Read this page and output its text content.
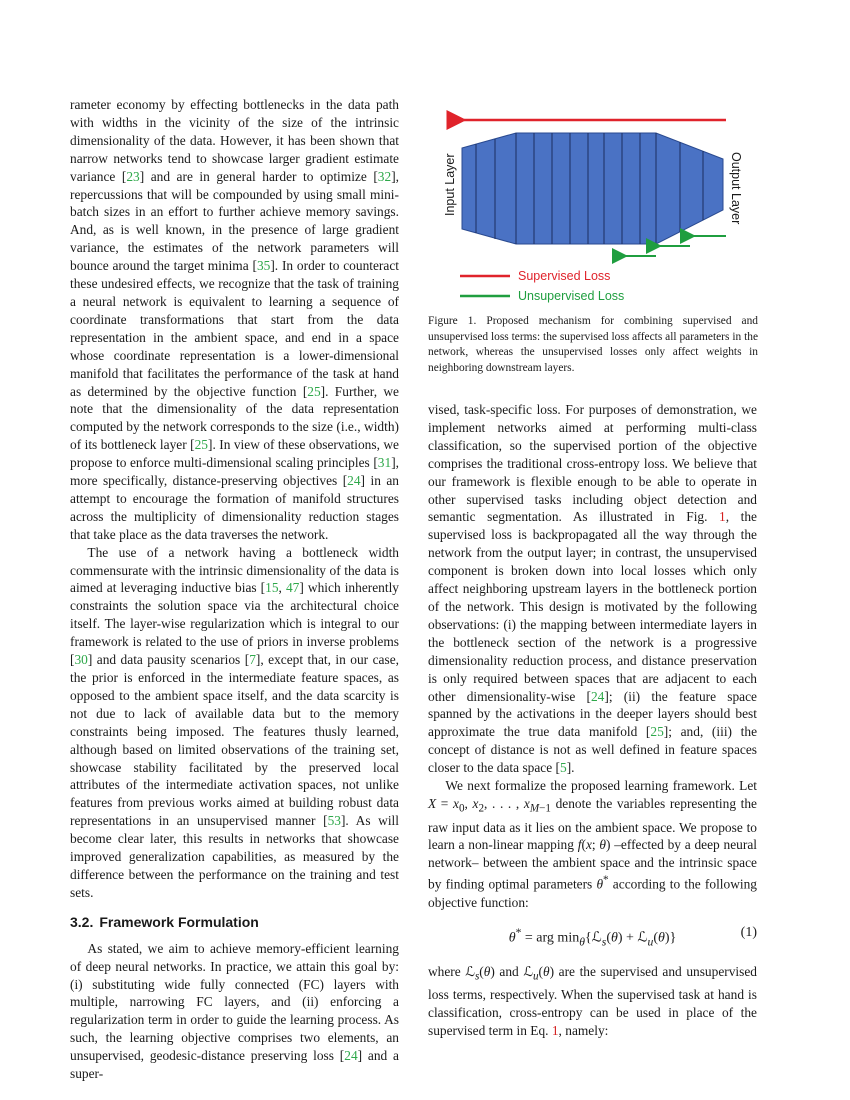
rameter economy by effecting bottlenecks in the data path with widths in the vicinity of the size of the intrinsic dimensionality of the data. However, it has been shown that narrow networks tend to showcase larger gradient estimate variance [23] and are in general harder to optimize [32], repercussions that will be compounded by using small mini-batch sizes in an effort to further achieve memory savings. And, as is well known, in the presence of large gradient variance, the estimates of the network parameters will bounce around the target minima [35]. In order to counteract these undesired effects, we recognize that the task of training a neural network is equivalent to learning a sequence of coordinate transformations that start from the data representation in the ambient space, and end in a space whose coordinate representation is a lower-dimensional manifold that facilitates the performance of the task at hand as determined by the objective function [25]. Further, we note that the dimensionality of the data representation computed by the network corresponds to the size (i.e., width) of its bottleneck layer [25]. In view of these observations, we propose to enforce multi-dimensional scaling principles [31], more specifically, distance-preserving objectives [24] in an attempt to encourage the formation of manifold structures across the multiplicity of dimensionality reduction stages that take place as the data traverses the network.

The use of a network having a bottleneck width commensurate with the intrinsic dimensionality of the data is aimed at leveraging inductive bias [15, 47] which inherently constraints the solution space via the architectural choice itself. The layer-wise regularization which is integral to our framework is related to the use of priors in inverse problems [30] and data pausity scenarios [7], except that, in our case, the prior is enforced in the intermediate feature spaces, as opposed to the ambient space itself, and the data scarcity is not due to lack of available data but to the memory constraints being imposed. The features thusly learned, although based on limited observations of the training set, showcase stability facilitated by the preserved local attributes of the intermediate activation spaces, not unlike features from previous works aimed at building robust data representations in an unsupervised manner [53]. As will become clear later, this results in networks that showcase improved generalization capabilities, as measured by the difference between the performance on the training and test sets.

3.2. Framework Formulation

As stated, we aim to achieve memory-efficient learning of deep neural networks. In practice, we attain this goal by: (i) substituting wide fully connected (FC) layers with multiple, narrowing FC layers, and (ii) enforcing a regularization term in order to guide the learning process. As such, the learning objective comprises two elements, an unsupervised, geodesic-distance preserving loss [24] and a super-

Input Layer	Output Layer
Supervised Loss
Unsupervised Loss
Figure 1. Proposed mechanism for combining supervised and unsupervised loss terms: the supervised loss affects all parameters in the network, whereas the unsupervised losses only affect weights in neighboring downstream layers.

vised, task-specific loss. For purposes of demonstration, we implement networks aimed at performing multi-class classification, so the supervised portion of the objective comprises the traditional cross-entropy loss. We believe that our framework is flexible enough to be able to operate in other supervised tasks including object detection and semantic segmentation. As illustrated in Fig. 1, the supervised loss is backpropagated all the way through the network from the output layer; in contrast, the unsupervised component is broken down into local losses which only affect neighboring upstream layers in the bottleneck portion of the network. This design is motivated by the following observations: (i) the mapping between intermediate layers in the bottleneck section of the network is a progressive dimensionality reduction process, and distance preservation is only required between spaces that are adjacent to each other dimensionality-wise [24]; (ii) the feature space spanned by the activations in the deeper layers should best approximate the true data manifold [25]; and, (iii) the concept of distance is not as well defined in feature spaces closer to the data space [5].

We next formalize the proposed learning framework. Let $X = x_0$, $x_2$, . . . , $x_{M-1}$ denote the variables representing the raw input data as it lies on the ambient space. We propose to learn a non-linear mapping f(x; θ) –effected by a deep neural network– between the ambient space and the intrinsic space by finding optimal parameters θ* according to the following objective function:

θ* = arg $\min_\theta\{ℒ_s(\theta)$ + ℒ$_u$(θ)}	(1)

where ℒ$_s$(θ) and ℒ$_u$(θ) are the supervised and unsupervised loss terms, respectively. When the supervised task at hand is classification, cross-entropy can be used in place of the supervised term in Eq. 1, namely:
